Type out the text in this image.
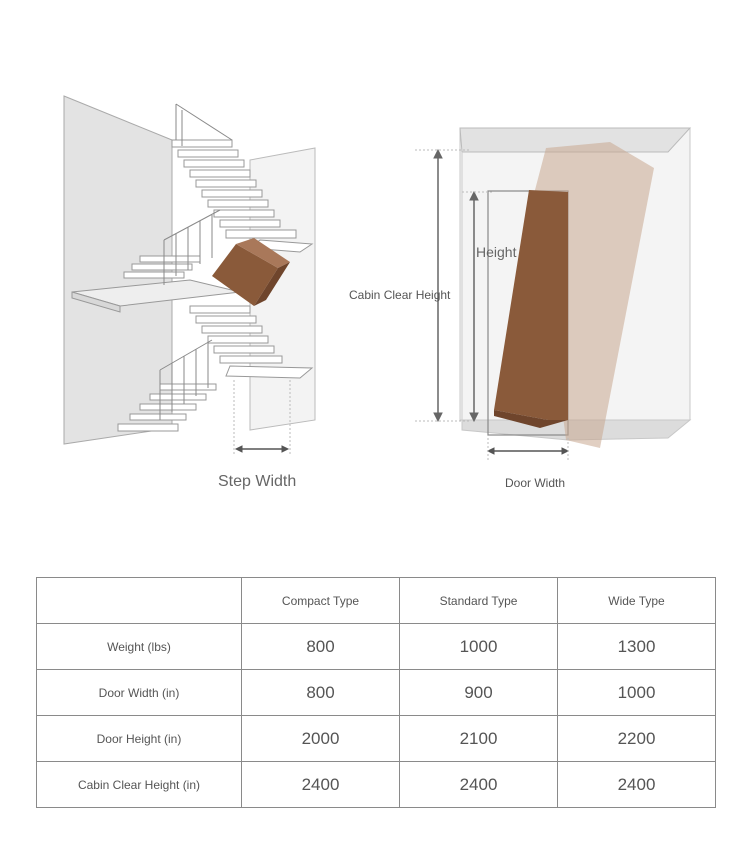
Step Width	Door Width
Height
Cabin Clear Height
	Compact Type	Standard Type	Wide Type
Weight (lbs)	800	1000	1300
Door Width (in)	800	900	1000
Door Height (in)	2000	2100	2200
Cabin Clear Height (in)	2400	2400	2400
